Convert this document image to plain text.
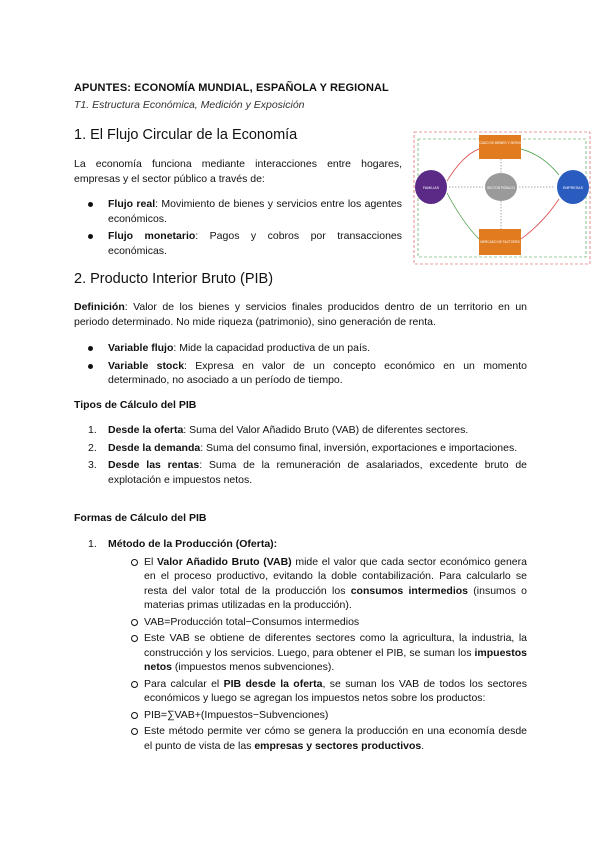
APUNTES: ECONOMÍA MUNDIAL, ESPAÑOLA Y REGIONAL
T1. Estructura Económica, Medición y Exposición
1. El Flujo Circular de la Economía
La economía funciona mediante interacciones entre hogares, empresas y el sector público a través de:
Flujo real: Movimiento de bienes y servicios entre los agentes económicos.
Flujo monetario: Pagos y cobros por transacciones económicas.
MERCADO DE BIENES Y SERVICIOS
MERCADO DE FACTORES
FAMILIAS	EMPRESAS
SECTOR PÚBLICO
2. Producto Interior Bruto (PIB)
Definición: Valor de los bienes y servicios finales producidos dentro de un territorio en un periodo determinado. No mide riqueza (patrimonio), sino generación de renta.
Variable flujo: Mide la capacidad productiva de un país.
Variable stock: Expresa en valor de un concepto económico en un momento determinado, no asociado a un período de tiempo.
Tipos de Cálculo del PIB
1. Desde la oferta: Suma del Valor Añadido Bruto (VAB) de diferentes sectores.
2. Desde la demanda: Suma del consumo final, inversión, exportaciones e importaciones.
3. Desde las rentas: Suma de la remuneración de asalariados, excedente bruto de explotación e impuestos netos.
Formas de Cálculo del PIB
1. Método de la Producción (Oferta):
El Valor Añadido Bruto (VAB) mide el valor que cada sector económico genera en el proceso productivo, evitando la doble contabilización. Para calcularlo se resta del valor total de la producción los consumos intermedios (insumos o materias primas utilizadas en la producción).
VAB=Producción total−Consumos intermedios
Este VAB se obtiene de diferentes sectores como la agricultura, la industria, la construcción y los servicios. Luego, para obtener el PIB, se suman los impuestos netos (impuestos menos subvenciones).
Para calcular el PIB desde la oferta, se suman los VAB de todos los sectores económicos y luego se agregan los impuestos netos sobre los productos:
PIB=∑VAB+(Impuestos−Subvenciones)
Este método permite ver cómo se genera la producción en una economía desde el punto de vista de las empresas y sectores productivos.
